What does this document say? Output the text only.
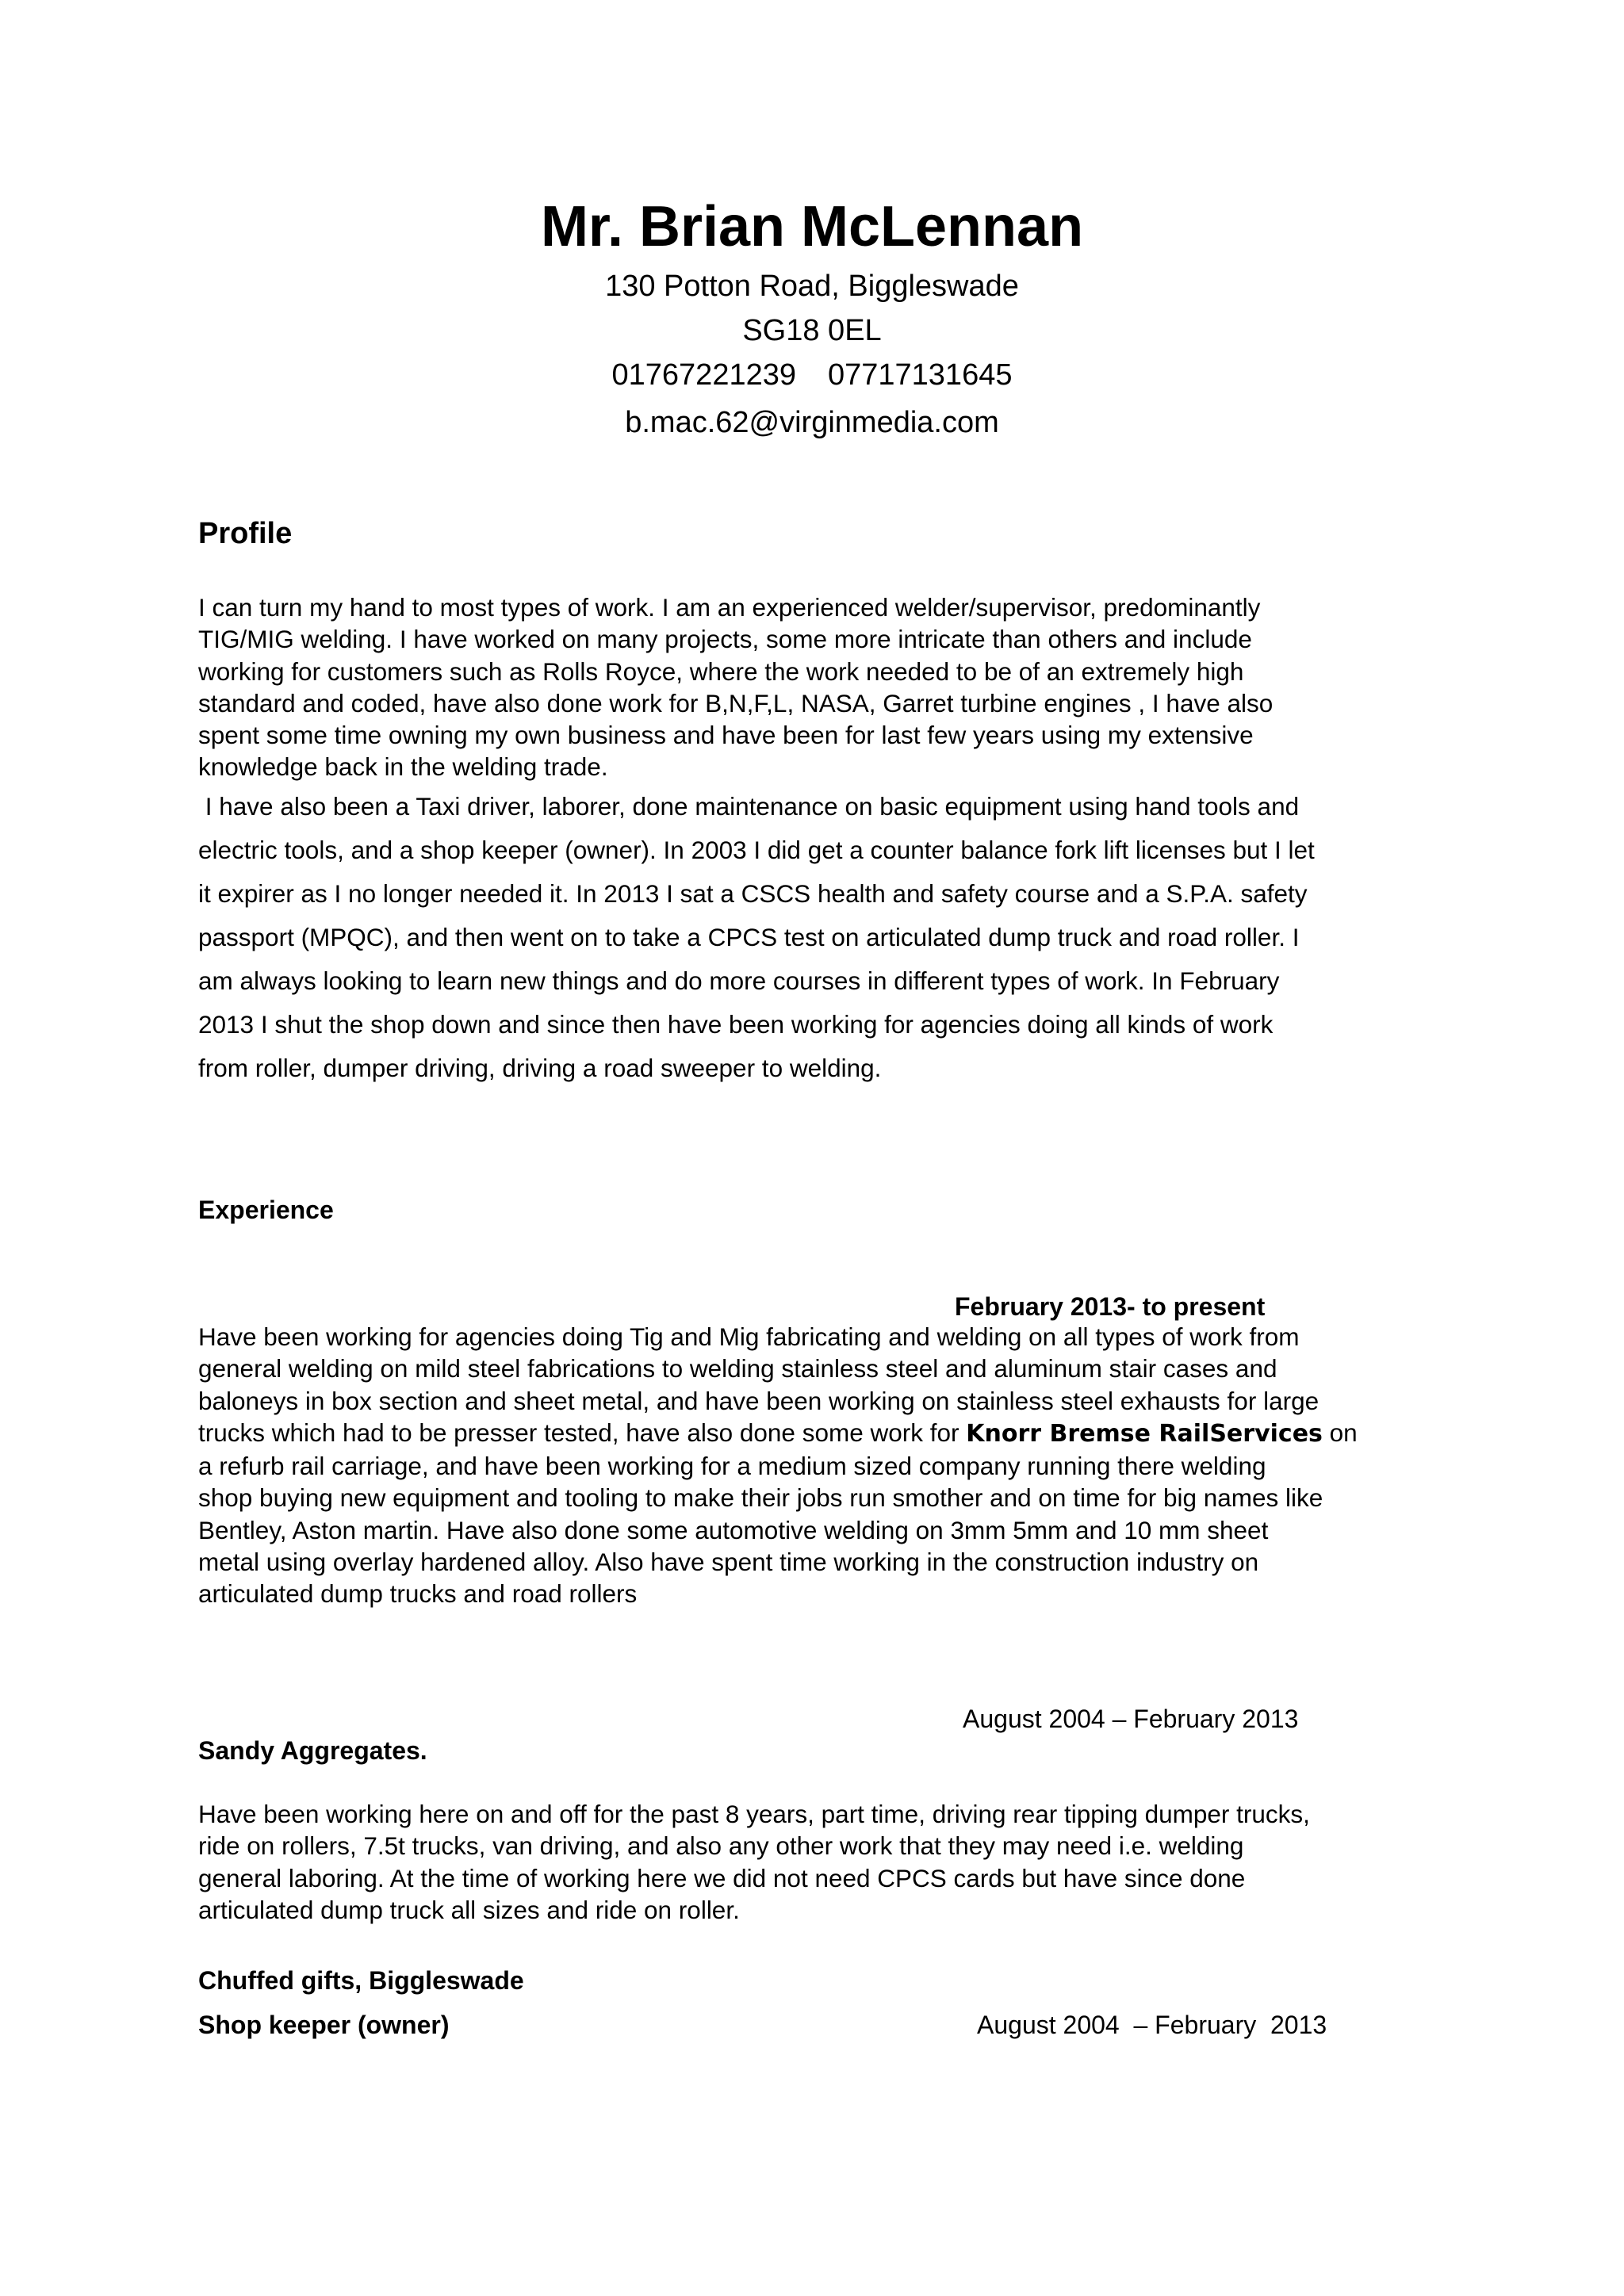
Mr. Brian McLennan
130 Potton Road, Biggleswade
SG18 0EL
01767221239 07717131645
b.mac.62@virginmedia.com
Profile
I can turn my hand to most types of work. I am an experienced welder/supervisor, predominantly
TIG/MIG welding. I have worked on many projects, some more intricate than others and include
working for customers such as Rolls Royce, where the work needed to be of an extremely high
standard and coded, have also done work for B,N,F,L, NASA, Garret turbine engines , I have also
spent some time owning my own business and have been for last few years using my extensive
knowledge back in the welding trade.
I have also been a Taxi driver, laborer, done maintenance on basic equipment using hand tools and
electric tools, and a shop keeper (owner). In 2003 I did get a counter balance fork lift licenses but I let
it expirer as I no longer needed it. In 2013 I sat a CSCS health and safety course and a S.P.A. safety
passport (MPQC), and then went on to take a CPCS test on articulated dump truck and road roller. I
am always looking to learn new things and do more courses in different types of work. In February
2013 I shut the shop down and since then have been working for agencies doing all kinds of work
from roller, dumper driving, driving a road sweeper to welding.
Experience
February 2013- to present
Have been working for agencies doing Tig and Mig fabricating and welding on all types of work from
general welding on mild steel fabrications to welding stainless steel and aluminum stair cases and
baloneys in box section and sheet metal, and have been working on stainless steel exhausts for large
trucks which had to be presser tested, have also done some work for Knorr Bremse RailServices on
a refurb rail carriage, and have been working for a medium sized company running there welding
shop buying new equipment and tooling to make their jobs run smother and on time for big names like
Bentley, Aston martin. Have also done some automotive welding on 3mm 5mm and 10 mm sheet
metal using overlay hardened alloy. Also have spent time working in the construction industry on
articulated dump trucks and road rollers
August 2004 – February 2013
Sandy Aggregates.
Have been working here on and off for the past 8 years, part time, driving rear tipping dumper trucks,
ride on rollers, 7.5t trucks, van driving, and also any other work that they may need i.e. welding
general laboring. At the time of working here we did not need CPCS cards but have since done
articulated dump truck all sizes and ride on roller.
Chuffed gifts, Biggleswade
Shop keeper (owner)	August 2004  – February  2013
